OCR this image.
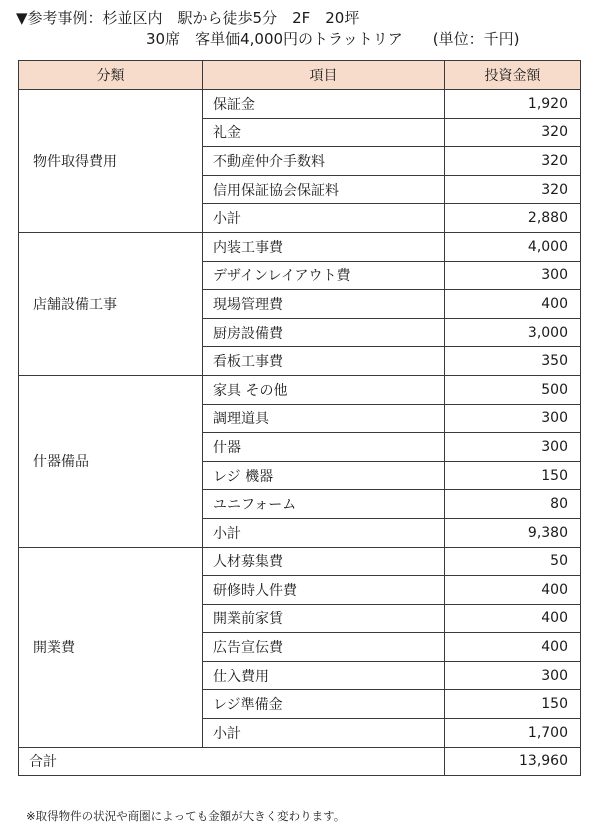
▼参考事例：杉並区内　駅から徒歩5分　2F　20坪
30席　客単価4,000円のトラットリア　　(単位：千円)
分類	項目	投資金額
物件取得費用	保証金	1,920
	礼金	320
	不動産仲介手数料	320
	信用保証協会保証料	320
	小計	2,880
店舗設備工事	内装工事費	4,000
	デザインレイアウト費	300
	現場管理費	400
	厨房設備費	3,000
	看板工事費	350
什器備品	家具 その他	500
	調理道具	300
	什器	300
	レジ 機器	150
	ユニフォーム	80
	小計	9,380
開業費	人材募集費	50
	研修時人件費	400
	開業前家賃	400
	広告宣伝費	400
	仕入費用	300
	レジ準備金	150
	小計	1,700
合計		13,960
※取得物件の状況や商圏によっても金額が大きく変わります。
